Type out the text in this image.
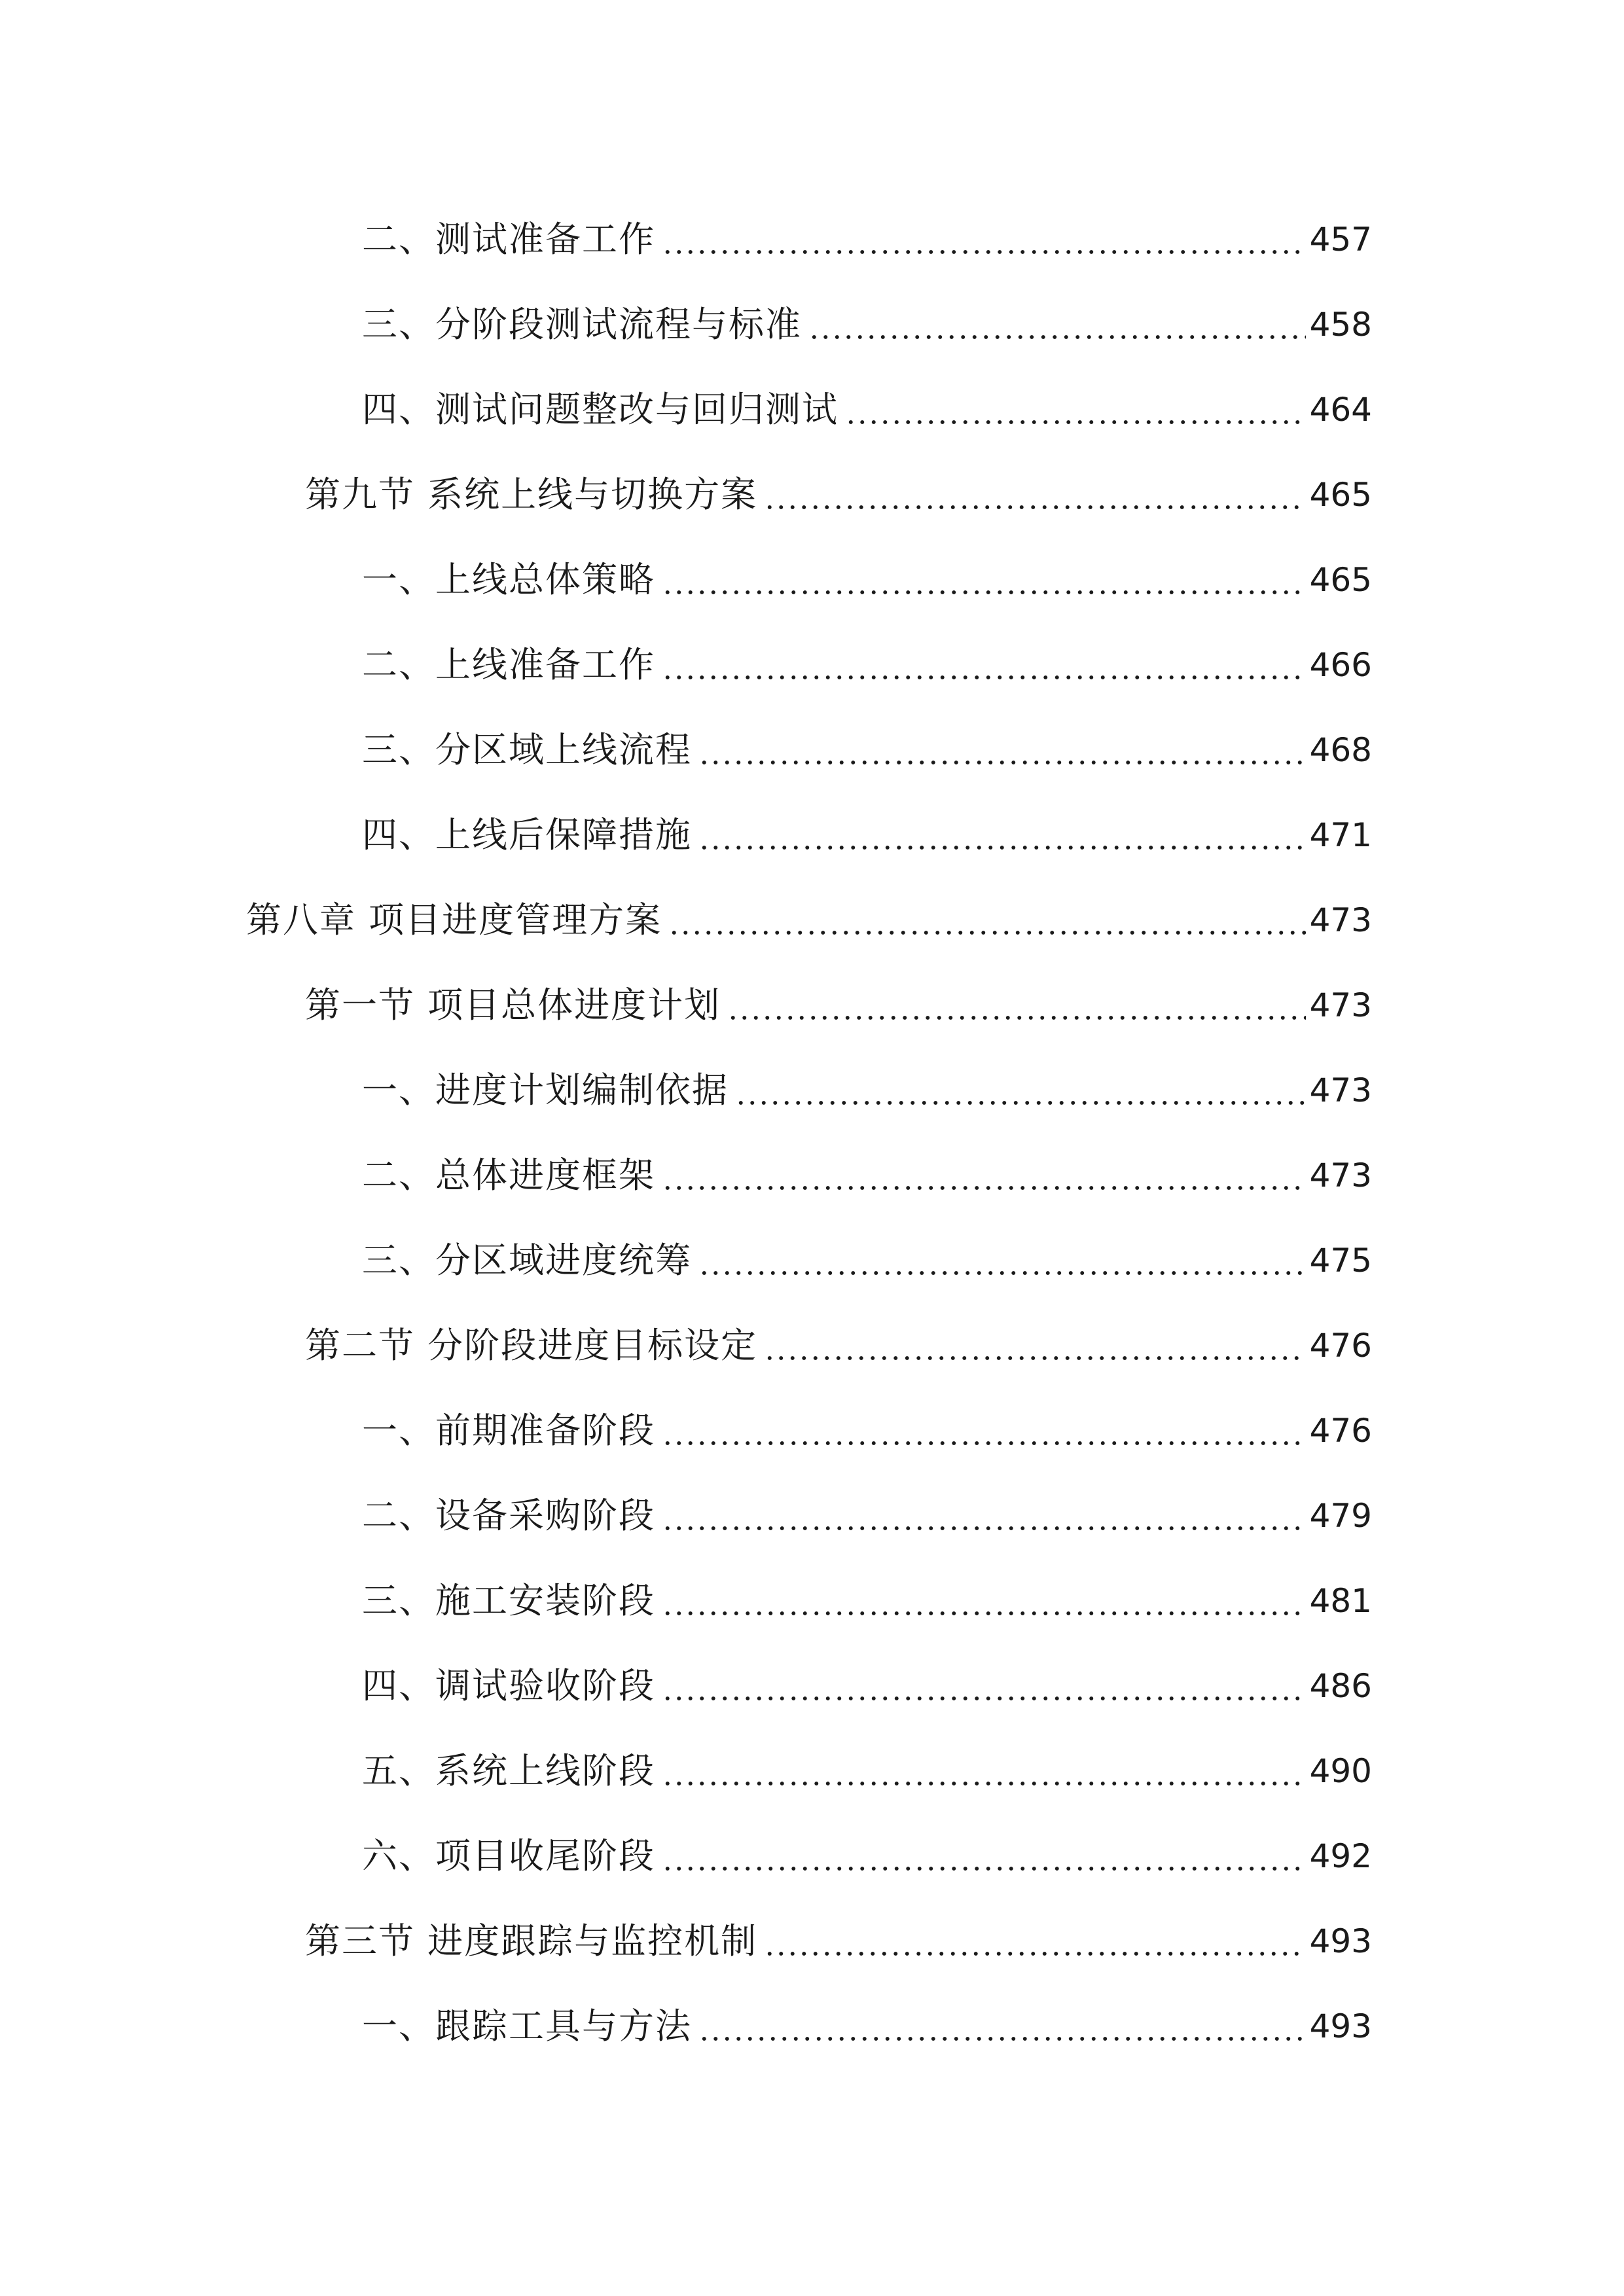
二、测试准备工作	457
三、分阶段测试流程与标准	458
四、测试问题整改与回归测试	464
第九节 系统上线与切换方案	465
一、上线总体策略	465
二、上线准备工作	466
三、分区域上线流程	468
四、上线后保障措施	471
第八章 项目进度管理方案	473
第一节 项目总体进度计划	473
一、进度计划编制依据	473
二、总体进度框架	473
三、分区域进度统筹	475
第二节 分阶段进度目标设定	476
一、前期准备阶段	476
二、设备采购阶段	479
三、施工安装阶段	481
四、调试验收阶段	486
五、系统上线阶段	490
六、项目收尾阶段	492
第三节 进度跟踪与监控机制	493
一、跟踪工具与方法	493
